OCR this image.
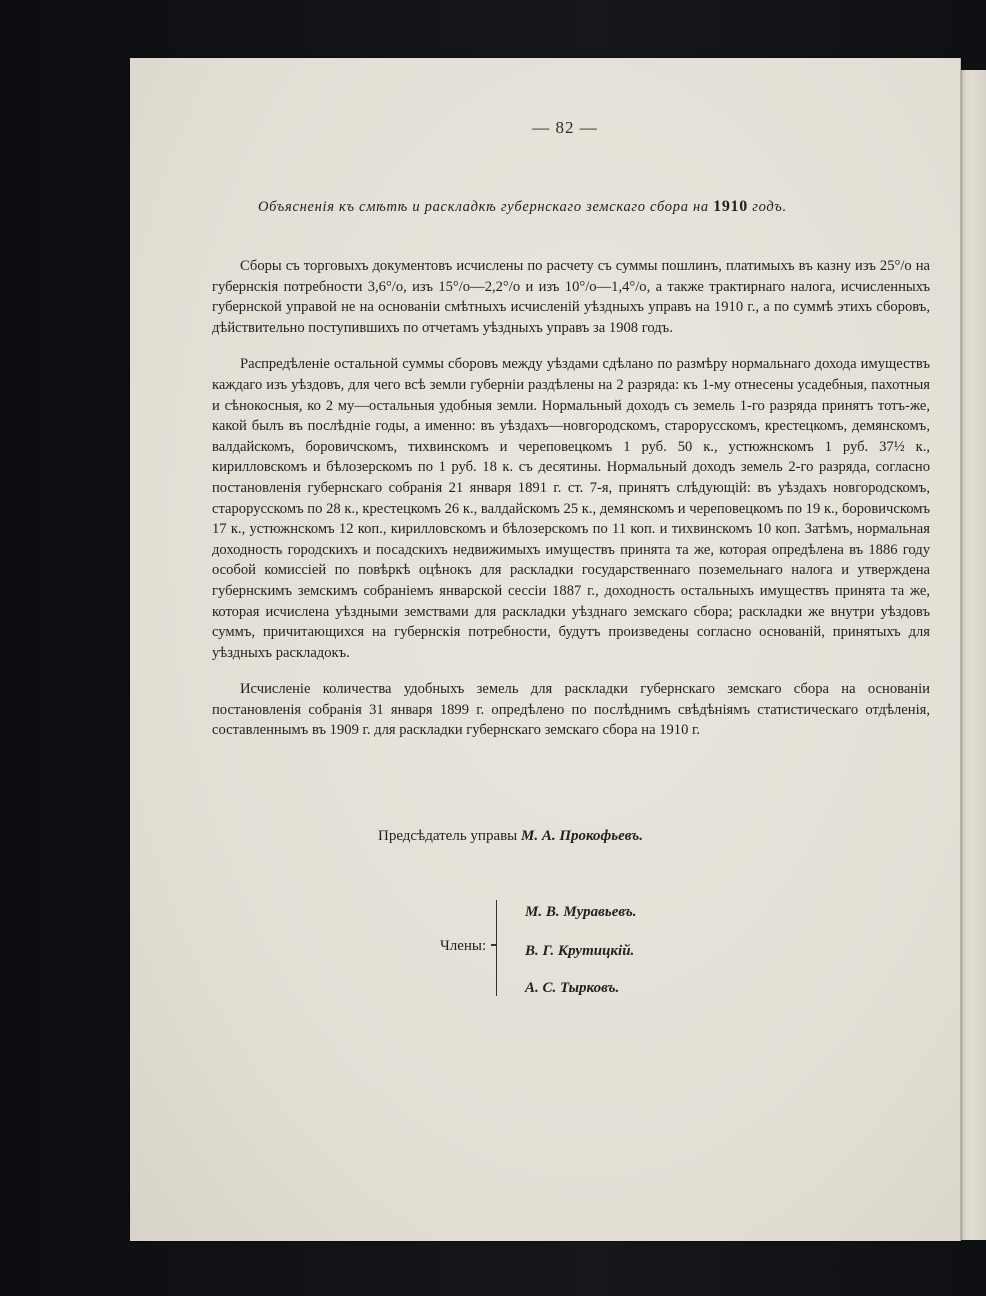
— 82 —
Объясненія къ смѣтѣ и раскладкѣ губернскаго земскаго сбора на 1910 годъ.

Сборы съ торговыхъ документовъ исчислены по расчету съ суммы пошлинъ, платимыхъ въ казну изъ 25°/о на губернскія потребности 3,6°/о, изъ 15°/о—2,2°/о и изъ 10°/о—1,4°/о, а также трактирнаго налога, исчисленныхъ губернской управой не на основаніи смѣтныхъ исчисленій уѣздныхъ управъ на 1910 г., а по суммѣ этихъ сборовъ, дѣйствительно поступившихъ по отчетамъ уѣздныхъ управъ за 1908 годъ.

Распредѣленіе остальной суммы сборовъ между уѣздами сдѣлано по размѣру нормальнаго дохода имуществъ каждаго изъ уѣздовъ, для чего всѣ земли губерніи раздѣлены на 2 разряда: къ 1-му отнесены усадебныя, пахотныя и сѣнокосныя, ко 2 му—остальныя удобныя земли. Нормальный доходъ съ земель 1-го разряда принятъ тотъ-же, какой былъ въ послѣдніе годы, а именно: въ уѣздахъ—новгородскомъ, старорусскомъ, крестецкомъ, демянскомъ, валдайскомъ, боровичскомъ, тихвинскомъ и череповецкомъ 1 руб. 50 к., устюжнскомъ 1 руб. 37½ к., кирилловскомъ и бѣлозерскомъ по 1 руб. 18 к. съ десятины. Нормальный доходъ земель 2-го разряда, согласно постановленія губернскаго собранія 21 января 1891 г. ст. 7-я, принятъ слѣдующій: въ уѣздахъ новгородскомъ, старорусскомъ по 28 к., крестецкомъ 26 к., валдайскомъ 25 к., демянскомъ и череповецкомъ по 19 к., боровичскомъ 17 к., устюжнскомъ 12 коп., кирилловскомъ и бѣлозерскомъ по 11 коп. и тихвинскомъ 10 коп. Затѣмъ, нормальная доходность городскихъ и посадскихъ недвижимыхъ имуществъ принята та же, которая опредѣлена въ 1886 году особой комиссіей по повѣркѣ оцѣнокъ для раскладки государственнаго поземельнаго налога и утверждена губернскимъ земскимъ собраніемъ январской сессіи 1887 г., доходность остальныхъ имуществъ принята та же, которая исчислена уѣздными земствами для раскладки уѣзднаго земскаго сбора; раскладки же внутри уѣздовъ суммъ, причитающихся на губернскія потребности, будутъ произведены согласно основаній, принятыхъ для уѣздныхъ раскладокъ.

Исчисленіе количества удобныхъ земель для раскладки губернскаго земскаго сбора на основаніи постановленія собранія 31 января 1899 г. опредѣлено по послѣднимъ свѣдѣніямъ статистическаго отдѣленія, составленнымъ въ 1909 г. для раскладки губернскаго земскаго сбора на 1910 г.

Предсѣдатель управы М. А. Прокофьевъ.
Члены:
М. В. Муравьевъ.
В. Г. Крутицкій.
А. С. Тырковъ.
